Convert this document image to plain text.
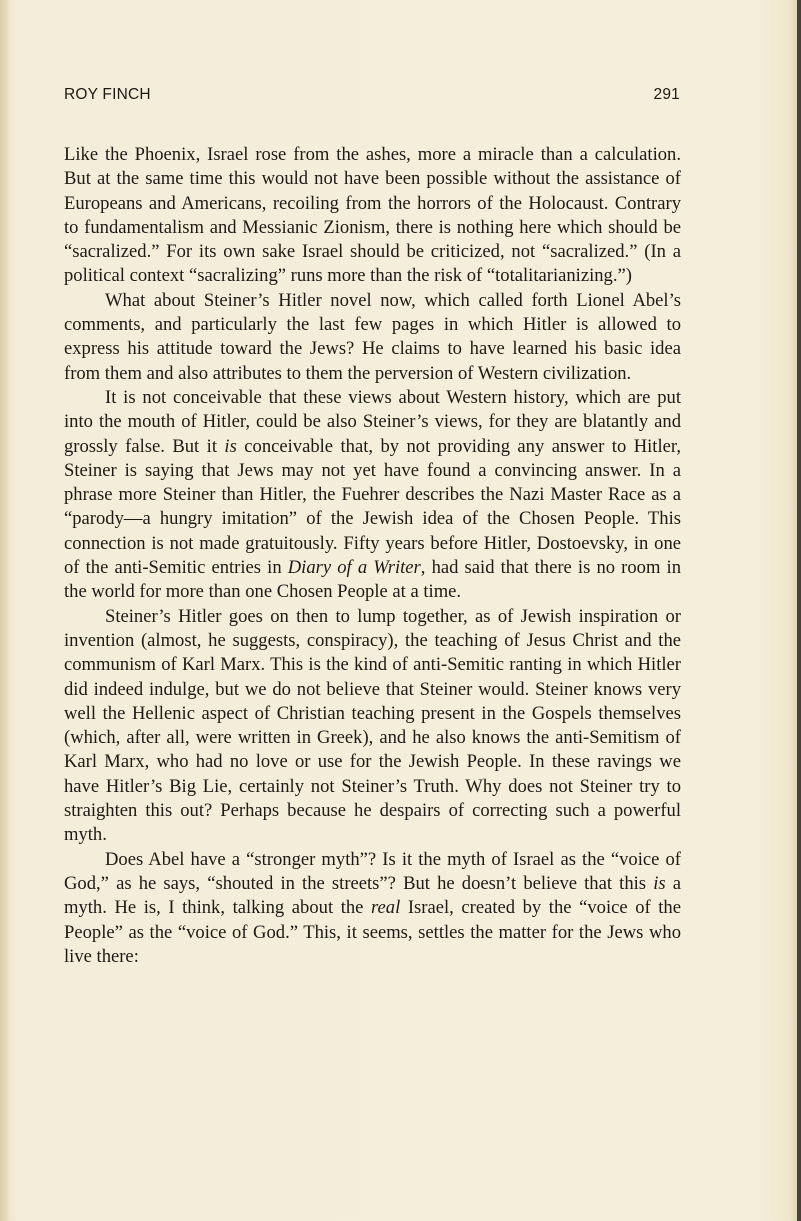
ROY FINCH	291

Like the Phoenix, Israel rose from the ashes, more a miracle than a calculation. But at the same time this would not have been possible without the assistance of Europeans and Americans, recoiling from the horrors of the Holocaust. Contrary to fundamentalism and Messianic Zionism, there is nothing here which should be “sacralized.” For its own sake Israel should be criticized, not “sacralized.” (In a political context “sacralizing” runs more than the risk of “totalitarianizing.”)

What about Steiner’s Hitler novel now, which called forth Lionel Abel’s comments, and particularly the last few pages in which Hitler is allowed to express his attitude toward the Jews? He claims to have learned his basic idea from them and also attributes to them the perversion of Western civilization.

It is not conceivable that these views about Western history, which are put into the mouth of Hitler, could be also Steiner’s views, for they are blatantly and grossly false. But it is conceivable that, by not providing any answer to Hitler, Steiner is saying that Jews may not yet have found a convincing answer. In a phrase more Steiner than Hitler, the Fuehrer describes the Nazi Master Race as a “parody—a hungry imitation” of the Jewish idea of the Chosen People. This connection is not made gratuitously. Fifty years before Hitler, Dostoevsky, in one of the anti-Semitic entries in Diary of a Writer, had said that there is no room in the world for more than one Chosen People at a time.

Steiner’s Hitler goes on then to lump together, as of Jewish inspiration or invention (almost, he suggests, conspiracy), the teaching of Jesus Christ and the communism of Karl Marx. This is the kind of anti-Semitic ranting in which Hitler did indeed indulge, but we do not believe that Steiner would. Steiner knows very well the Hellenic aspect of Christian teaching present in the Gospels themselves (which, after all, were written in Greek), and he also knows the anti-Semitism of Karl Marx, who had no love or use for the Jewish People. In these ravings we have Hitler’s Big Lie, certainly not Steiner’s Truth. Why does not Steiner try to straighten this out? Perhaps because he despairs of correcting such a powerful myth.

Does Abel have a “stronger myth”? Is it the myth of Israel as the “voice of God,” as he says, “shouted in the streets”? But he doesn’t believe that this is a myth. He is, I think, talking about the real Israel, created by the “voice of the People” as the “voice of God.” This, it seems, settles the matter for the Jews who live there:
